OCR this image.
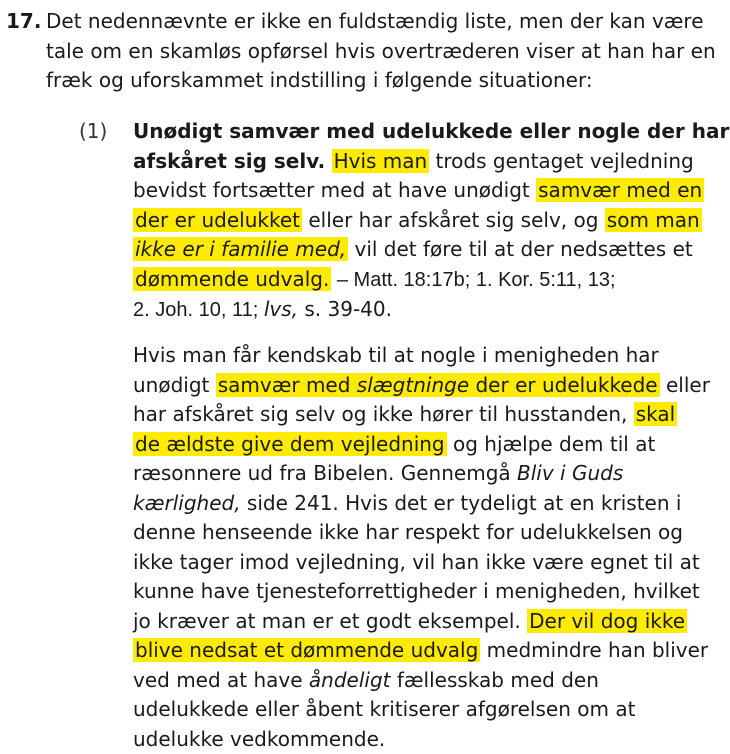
17. Det nedennævnte er ikke en fuldstændig liste, men der kan være
tale om en skamløs opførsel hvis overtræderen viser at han har en
fræk og uforskammet indstilling i følgende situationer:
(1) Unødigt samvær med udelukkede eller nogle der har
afskåret sig selv. Hvis man trods gentaget vejledning
bevidst fortsætter med at have unødigt samvær med en
der er udelukket eller har afskåret sig selv, og som man
ikke er i familie med, vil det føre til at der nedsættes et
dømmende udvalg. – Matt. 18:17b; 1. Kor. 5:11, 13;
2. Joh. 10, 11; lvs, s. 39-40.
Hvis man får kendskab til at nogle i menigheden har
unødigt samvær med slægtninge der er udelukkede eller
har afskåret sig selv og ikke hører til husstanden, skal
de ældste give dem vejledning og hjælpe dem til at
ræsonnere ud fra Bibelen. Gennemgå Bliv i Guds
kærlighed, side 241. Hvis det er tydeligt at en kristen i
denne henseende ikke har respekt for udelukkelsen og
ikke tager imod vejledning, vil han ikke være egnet til at
kunne have tjenesteforrettigheder i menigheden, hvilket
jo kræver at man er et godt eksempel. Der vil dog ikke
blive nedsat et dømmende udvalg medmindre han bliver
ved med at have åndeligt fællesskab med den
udelukkede eller åbent kritiserer afgørelsen om at
udelukke vedkommende.
